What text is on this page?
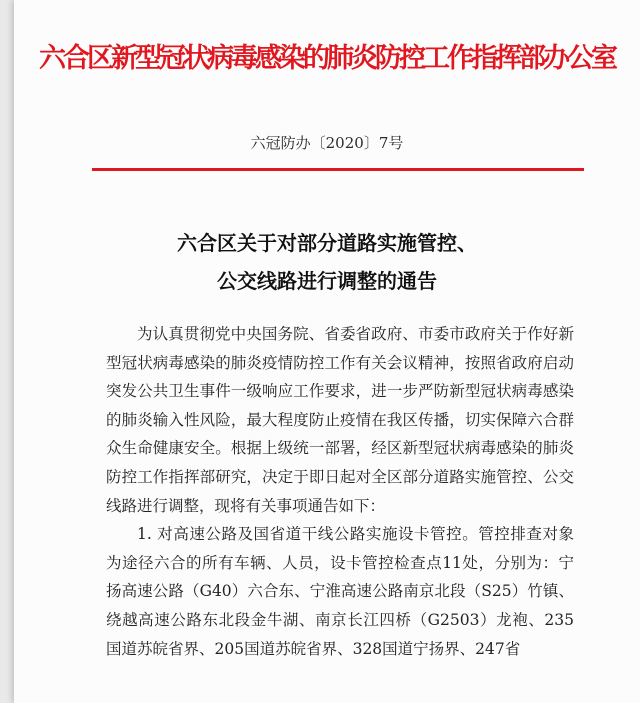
六合区新型冠状病毒感染的肺炎防控工作指挥部办公室
六冠防办〔2020〕7号
六合区关于对部分道路实施管控、
公交线路进行调整的通告

为认真贯彻党中央国务院、省委省政府、市委市政府关于作好新型冠状病毒感染的肺炎疫情防控工作有关会议精神，按照省政府启动突发公共卫生事件一级响应工作要求，进一步严防新型冠状病毒感染的肺炎输入性风险，最大程度防止疫情在我区传播，切实保障六合群众生命健康安全。根据上级统一部署，经区新型冠状病毒感染的肺炎防控工作指挥部研究，决定于即日起对全区部分道路实施管控、公交线路进行调整，现将有关事项通告如下：

1. 对高速公路及国省道干线公路实施设卡管控。管控排查对象为途径六合的所有车辆、人员，设卡管控检查点11处，分别为：宁扬高速公路（G40）六合东、宁淮高速公路南京北段（S25）竹镇、绕越高速公路东北段金牛湖、南京长江四桥（G2503）龙袍、235国道苏皖省界、205国道苏皖省界、328国道宁扬界、247省
